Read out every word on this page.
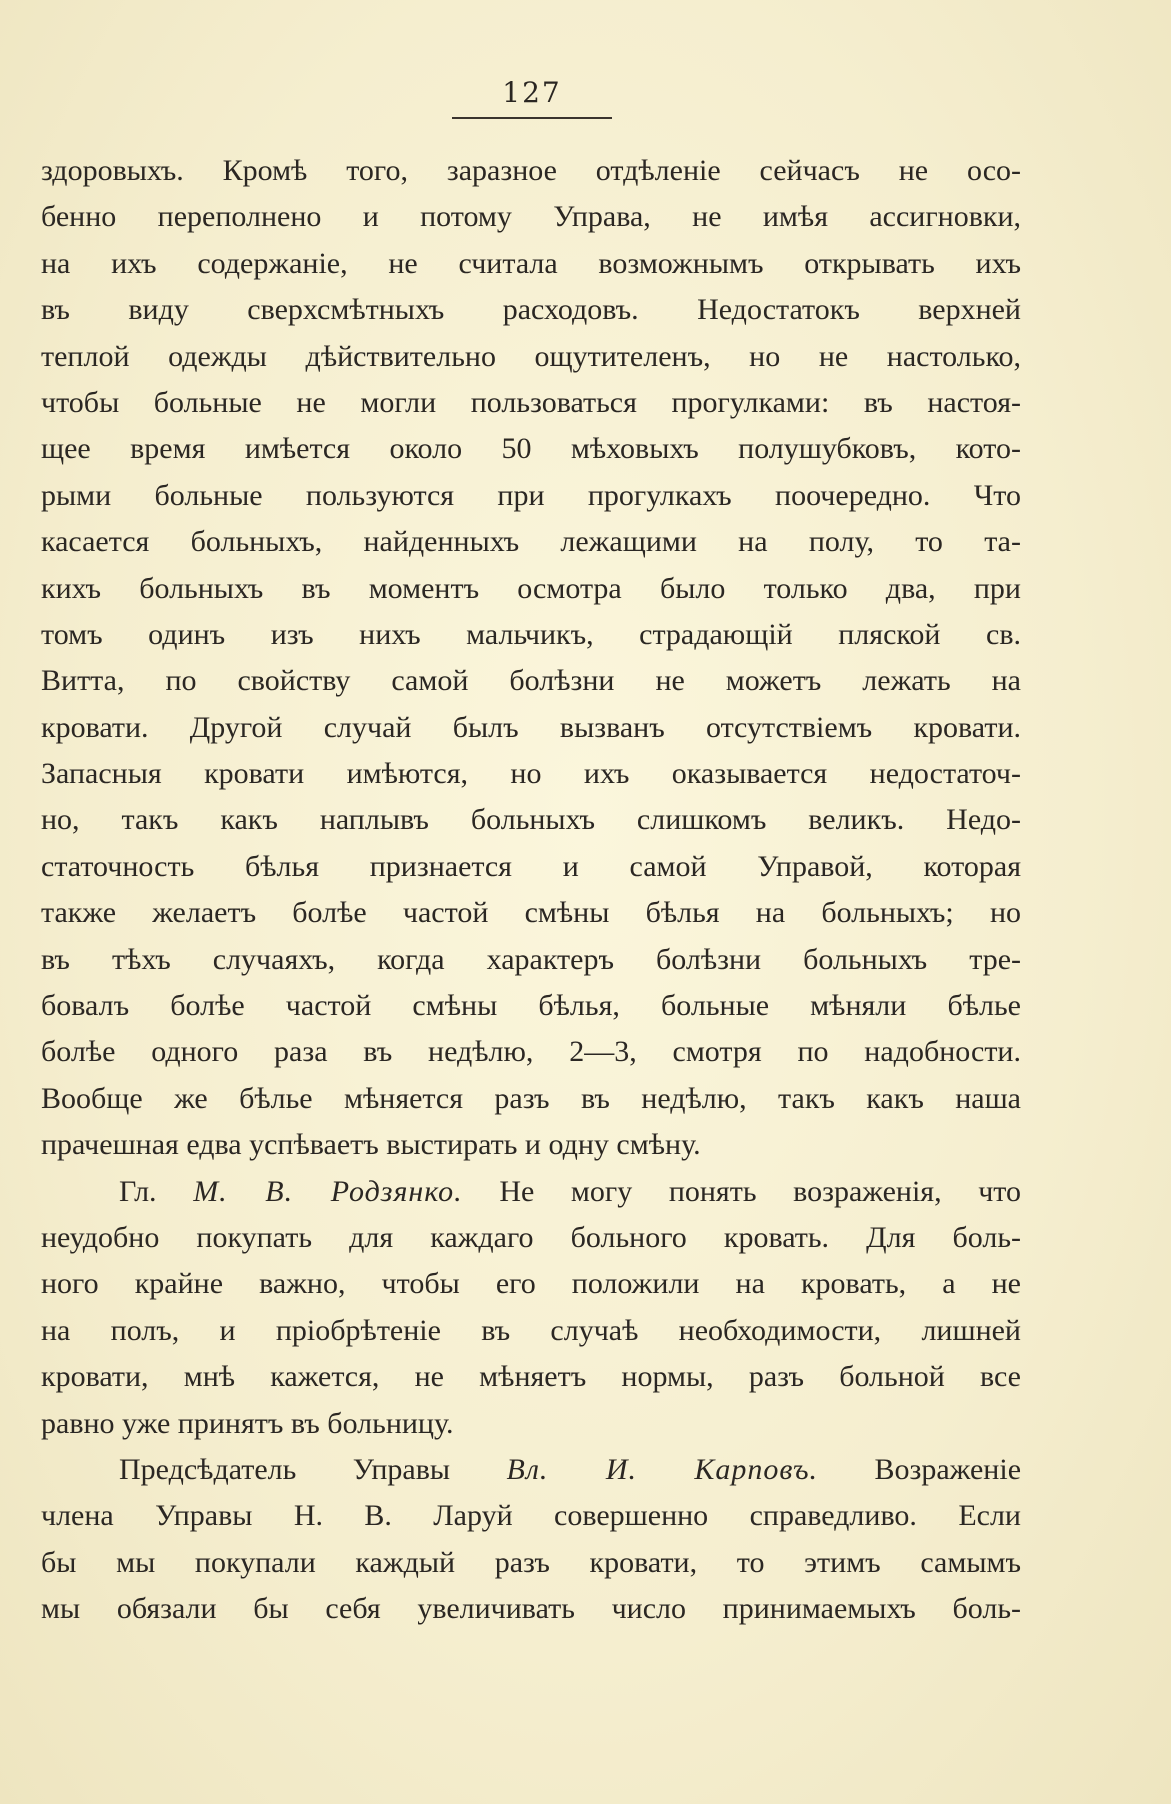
127
здоровыхъ. Кромѣ того, заразное отдѣленіе сейчасъ не осо-
бенно переполнено и потому Управа, не имѣя ассигновки,
на ихъ содержаніе, не считала возможнымъ открывать ихъ
въ виду сверхсмѣтныхъ расходовъ. Недостатокъ верхней
теплой одежды дѣйствительно ощутителенъ, но не настолько,
чтобы больные не могли пользоваться прогулками: въ настоя-
щее время имѣется около 50 мѣховыхъ полушубковъ, кото-
рыми больные пользуются при прогулкахъ поочередно. Что
касается больныхъ, найденныхъ лежащими на полу, то та-
кихъ больныхъ въ моментъ осмотра было только два, при
томъ одинъ изъ нихъ мальчикъ, страдающій пляской св.
Витта, по свойству самой болѣзни не можетъ лежать на
кровати. Другой случай былъ вызванъ отсутствіемъ кровати.
Запасныя кровати имѣются, но ихъ оказывается недостаточ-
но, такъ какъ наплывъ больныхъ слишкомъ великъ. Недо-
статочность бѣлья признается и самой Управой, которая
также желаетъ болѣе частой смѣны бѣлья на больныхъ; но
въ тѣхъ случаяхъ, когда характеръ болѣзни больныхъ тре-
бовалъ болѣе частой смѣны бѣлья, больные мѣняли бѣлье
болѣе одного раза въ недѣлю, 2—3, смотря по надобности.
Вообще же бѣлье мѣняется разъ въ недѣлю, такъ какъ наша
прачешная едва успѣваетъ выстирать и одну смѣну.
Гл. М. В. Родзянко. Не могу понять возраженія, что
неудобно покупать для каждаго больного кровать. Для боль-
ного крайне важно, чтобы его положили на кровать, а не
на полъ, и пріобрѣтеніе въ случаѣ необходимости, лишней
кровати, мнѣ кажется, не мѣняетъ нормы, разъ больной все
равно уже принятъ въ больницу.
Предсѣдатель Управы Вл. И. Карповъ. Возраженіе
члена Управы Н. В. Ларуй совершенно справедливо. Если
бы мы покупали каждый разъ кровати, то этимъ самымъ
мы обязали бы себя увеличивать число принимаемыхъ боль-
